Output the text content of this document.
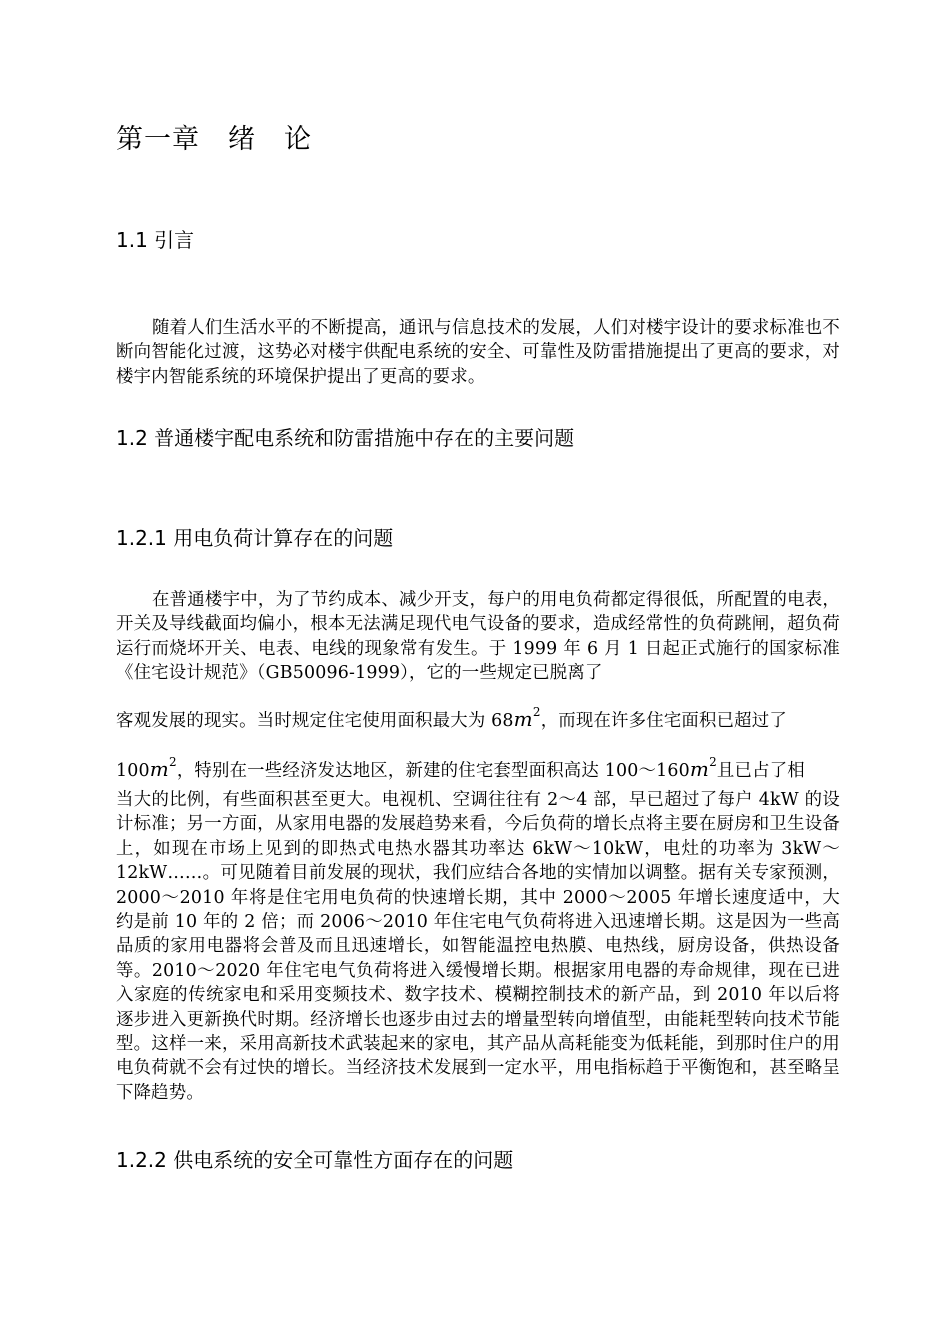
第一章　绪　论
1.1 引言

随着人们生活水平的不断提高，通讯与信息技术的发展，人们对楼宇设计的要求标准也不断向智能化过渡，这势必对楼宇供配电系统的安全、可靠性及防雷措施提出了更高的要求，对楼宇内智能系统的环境保护提出了更高的要求。

1.2 普通楼宇配电系统和防雷措施中存在的主要问题
1.2.1 用电负荷计算存在的问题

在普通楼宇中，为了节约成本、减少开支，每户的用电负荷都定得很低，所配置的电表，开关及导线截面均偏小，根本无法满足现代电气设备的要求，造成经常性的负荷跳闸，超负荷运行而烧坏开关、电表、电线的现象常有发生。于 1999 年 6 月 1 日起正式施行的国家标准《住宅设计规范》（GB50096-1999），它的一些规定已脱离了

客观发展的现实。当时规定住宅使用面积最大为 $68m^2$，而现在许多住宅面积已超过了

$100m^2$，特别在一些经济发达地区，新建的住宅套型面积高达 $100\sim 160m^2$且已占了相

当大的比例，有些面积甚至更大。电视机、空调往往有 2～4 部，早已超过了每户 4kW 的设计标准；另一方面，从家用电器的发展趋势来看，今后负荷的增长点将主要在厨房和卫生设备上，如现在市场上见到的即热式电热水器其功率达 6kW～10kW，电灶的功率为 3kW～12kW……。可见随着目前发展的现状，我们应结合各地的实情加以调整。据有关专家预测，2000～2010 年将是住宅用电负荷的快速增长期，其中 2000～2005 年增长速度适中，大约是前 10 年的 2 倍；而 2006～2010 年住宅电气负荷将进入迅速增长期。这是因为一些高品质的家用电器将会普及而且迅速增长，如智能温控电热膜、电热线，厨房设备，供热设备等。2010～2020 年住宅电气负荷将进入缓慢增长期。根据家用电器的寿命规律，现在已进入家庭的传统家电和采用变频技术、数字技术、模糊控制技术的新产品，到 2010 年以后将逐步进入更新换代时期。经济增长也逐步由过去的增量型转向增值型，由能耗型转向技术节能型。这样一来，采用高新技术武装起来的家电，其产品从高耗能变为低耗能，到那时住户的用电负荷就不会有过快的增长。当经济技术发展到一定水平，用电指标趋于平衡饱和，甚至略呈下降趋势。

1.2.2 供电系统的安全可靠性方面存在的问题
